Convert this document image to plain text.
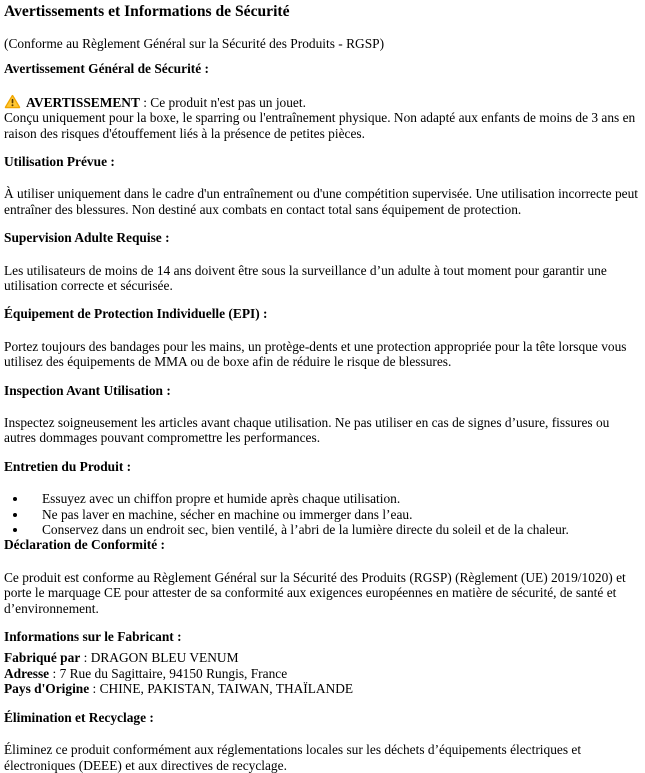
Avertissements et Informations de Sécurité

(Conforme au Règlement Général sur la Sécurité des Produits - RGSP)

Avertissement Général de Sécurité :

AVERTISSEMENT : Ce produit n'est pas un jouet.
Conçu uniquement pour la boxe, le sparring ou l'entraînement physique. Non adapté aux enfants de moins de 3 ans en raison des risques d'étouffement liés à la présence de petites pièces.

Utilisation Prévue :

À utiliser uniquement dans le cadre d'un entraînement ou d'une compétition supervisée. Une utilisation incorrecte peut entraîner des blessures. Non destiné aux combats en contact total sans équipement de protection.

Supervision Adulte Requise :

Les utilisateurs de moins de 14 ans doivent être sous la surveillance d’un adulte à tout moment pour garantir une utilisation correcte et sécurisée.

Équipement de Protection Individuelle (EPI) :

Portez toujours des bandages pour les mains, un protège-dents et une protection appropriée pour la tête lorsque vous utilisez des équipements de MMA ou de boxe afin de réduire le risque de blessures.

Inspection Avant Utilisation :

Inspectez soigneusement les articles avant chaque utilisation. Ne pas utiliser en cas de signes d’usure, fissures ou autres dommages pouvant compromettre les performances.

Entretien du Produit :
• Essuyez avec un chiffon propre et humide après chaque utilisation.
• Ne pas laver en machine, sécher en machine ou immerger dans l’eau.
• Conservez dans un endroit sec, bien ventilé, à l’abri de la lumière directe du soleil et de la chaleur.
Déclaration de Conformité :

Ce produit est conforme au Règlement Général sur la Sécurité des Produits (RGSP) (Règlement (UE) 2019/1020) et porte le marquage CE pour attester de sa conformité aux exigences européennes en matière de sécurité, de santé et d’environnement.

Informations sur le Fabricant :

Fabriqué par : DRAGON BLEU VENUM
Adresse : 7 Rue du Sagittaire, 94150 Rungis, France
Pays d'Origine : CHINE, PAKISTAN, TAIWAN, THAÏLANDE

Élimination et Recyclage :

Éliminez ce produit conformément aux réglementations locales sur les déchets d’équipements électriques et électroniques (DEEE) et aux directives de recyclage.
